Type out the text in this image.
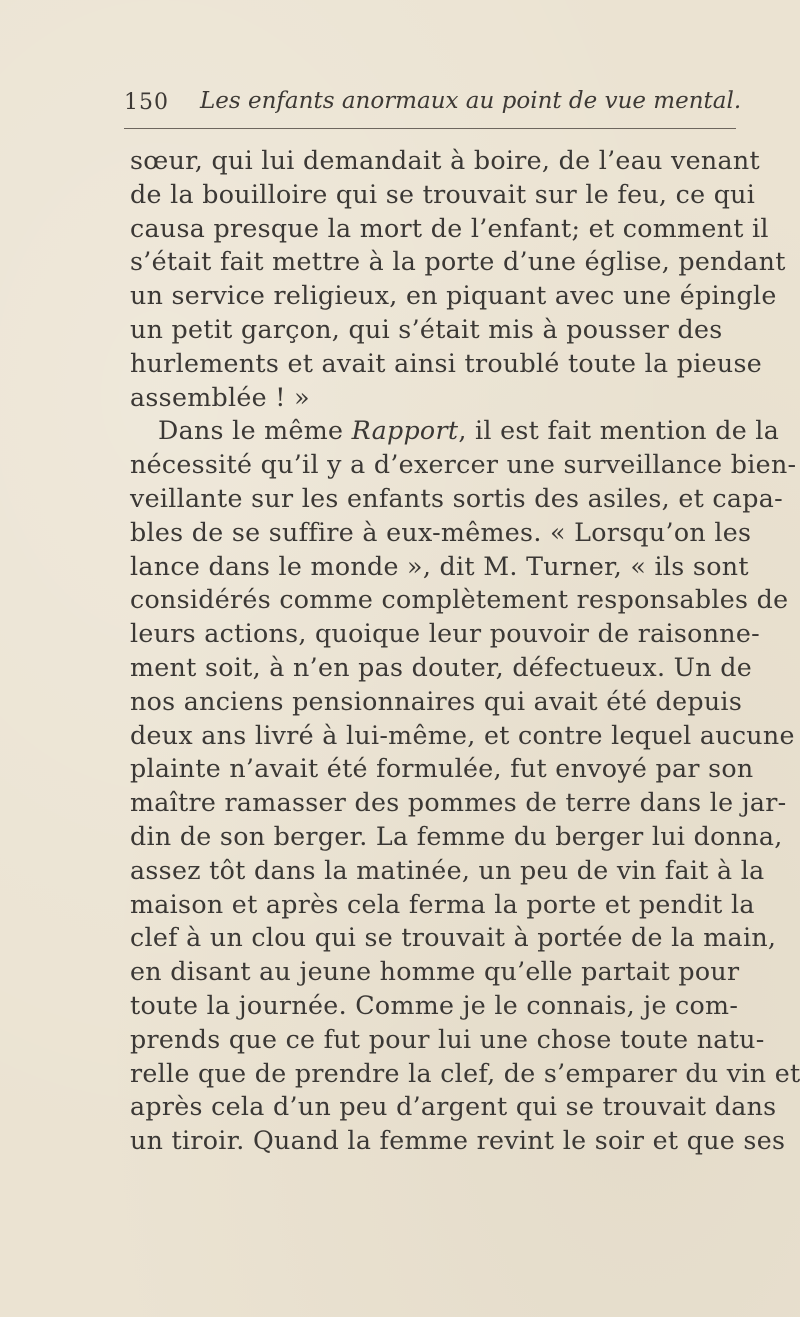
150 Les enfants anormaux au point de vue mental.
sœur, qui lui demandait à boire, de l’eau venant
de la bouilloire qui se trouvait sur le feu, ce qui
causa presque la mort de l’enfant; et comment il
s’était fait mettre à la porte d’une église, pendant
un service religieux, en piquant avec une épingle
un petit garçon, qui s’était mis à pousser des
hurlements et avait ainsi troublé toute la pieuse
assemblée ! »
Dans le même Rapport, il est fait mention de la
nécessité qu’il y a d’exercer une surveillance bien-
veillante sur les enfants sortis des asiles, et capa-
bles de se suffire à eux-mêmes. « Lorsqu’on les
lance dans le monde », dit M. Turner, « ils sont
considérés comme complètement responsables de
leurs actions, quoique leur pouvoir de raisonne-
ment soit, à n’en pas douter, défectueux. Un de
nos anciens pensionnaires qui avait été depuis
deux ans livré à lui-même, et contre lequel aucune
plainte n’avait été formulée, fut envoyé par son
maître ramasser des pommes de terre dans le jar-
din de son berger. La femme du berger lui donna,
assez tôt dans la matinée, un peu de vin fait à la
maison et après cela ferma la porte et pendit la
clef à un clou qui se trouvait à portée de la main,
en disant au jeune homme qu’elle partait pour
toute la journée. Comme je le connais, je com-
prends que ce fut pour lui une chose toute natu-
relle que de prendre la clef, de s’emparer du vin et
après cela d’un peu d’argent qui se trouvait dans
un tiroir. Quand la femme revint le soir et que ses
